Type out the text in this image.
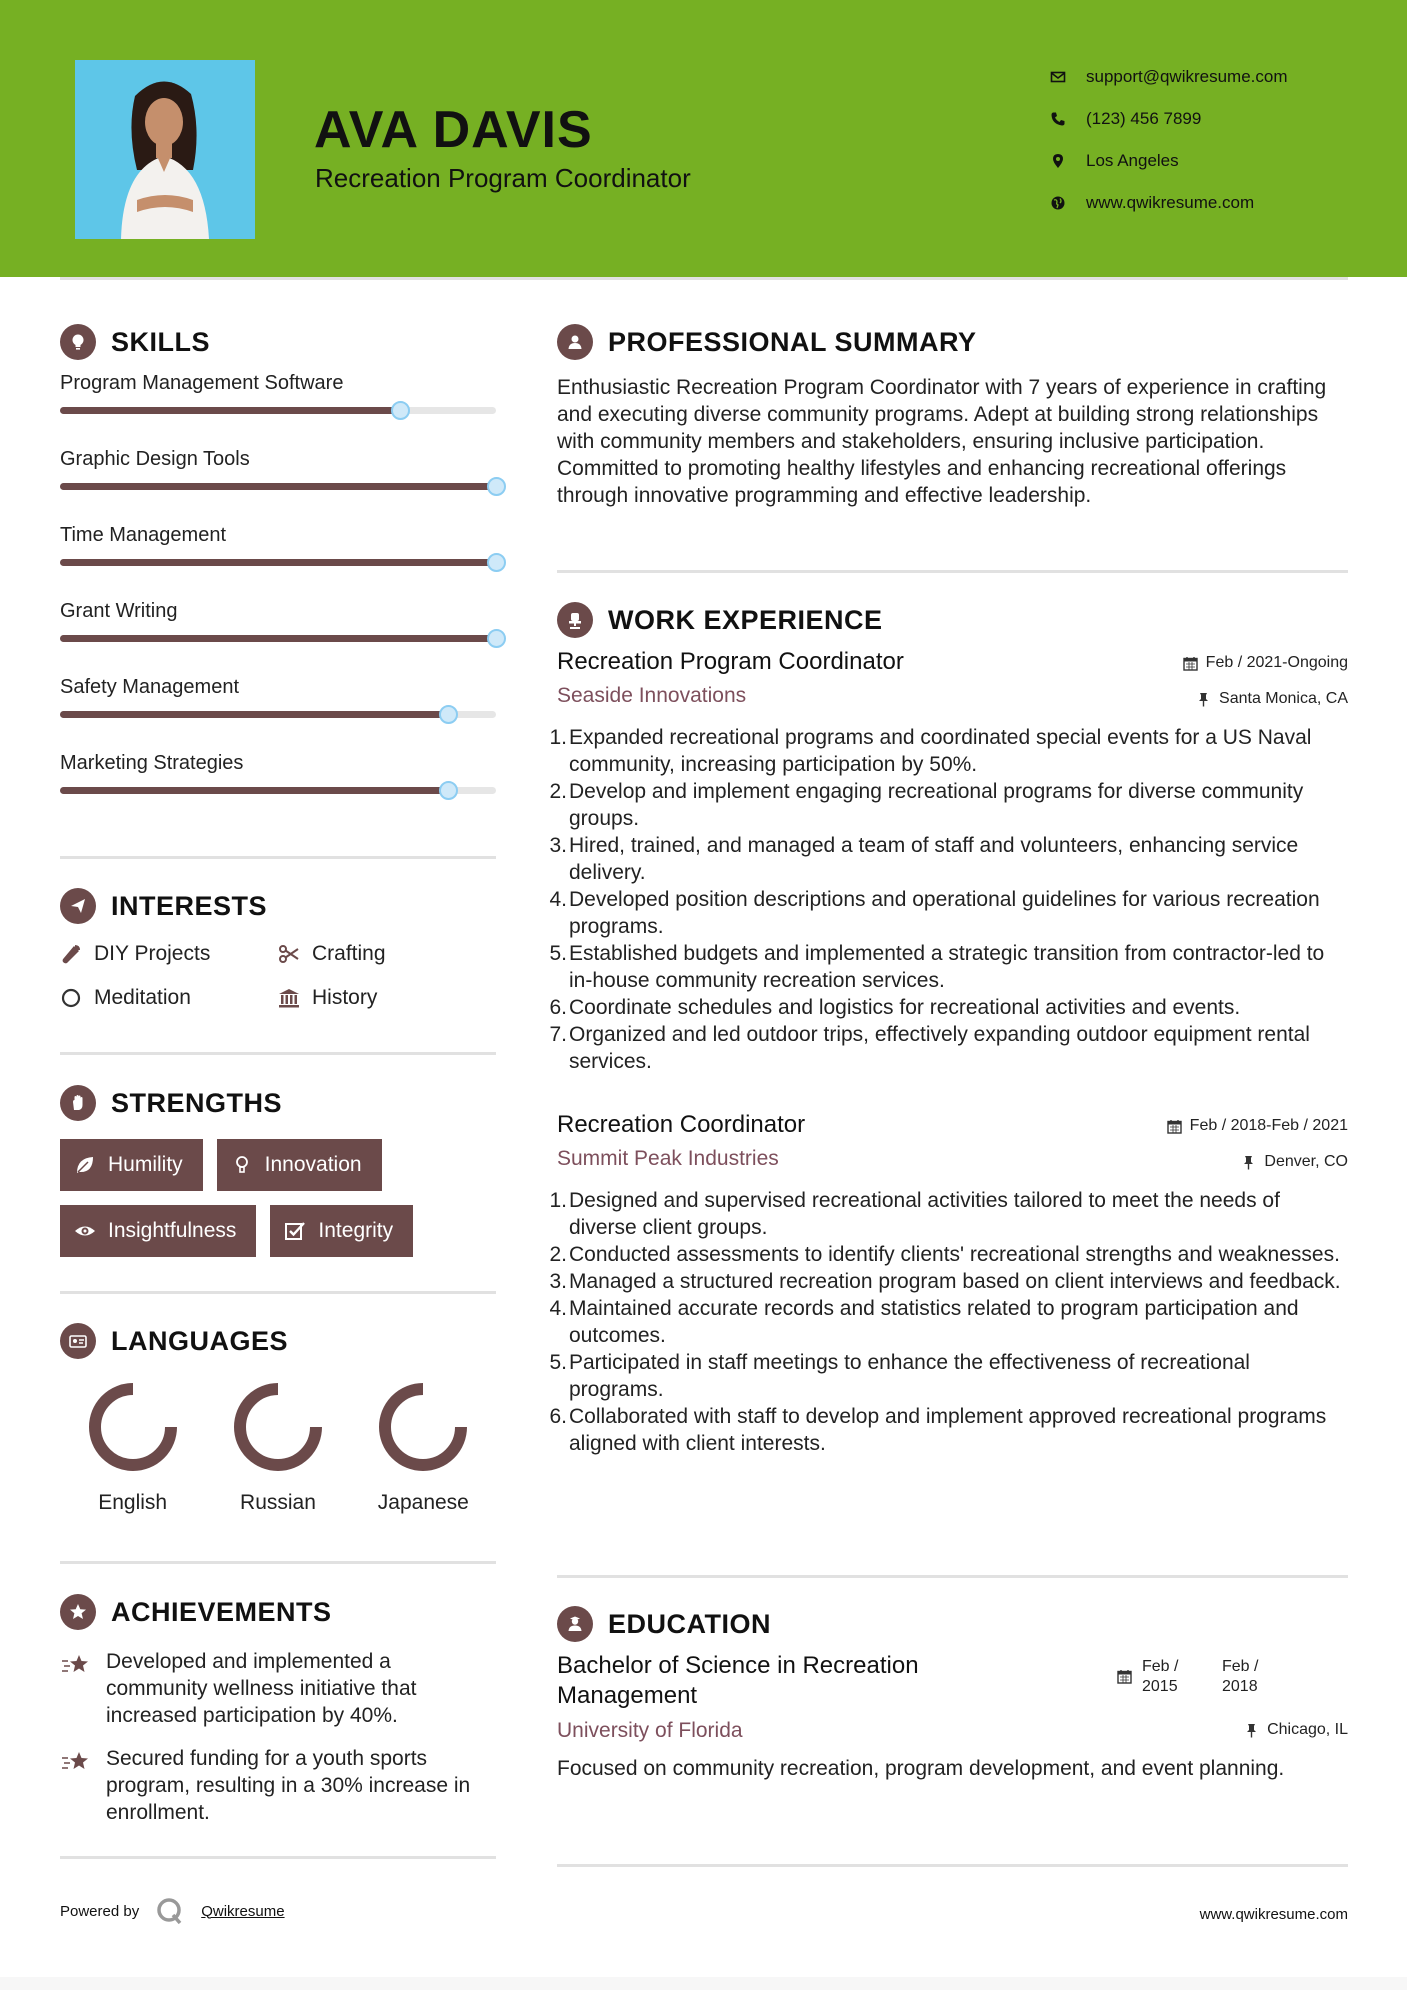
AVA DAVIS
Recreation Program Coordinator
support@qwikresume.com
(123) 456 7899
Los Angeles
www.qwikresume.com
SKILLS
Program Management Software
Graphic Design Tools
Time Management
Grant Writing
Safety Management
Marketing Strategies
INTERESTS
DIY Projects	Crafting
Meditation	History
STRENGTHS
Humility	Innovation
Insightfulness	Integrity
LANGUAGES
English	Russian	Japanese
ACHIEVEMENTS
Developed and implemented a community wellness initiative that increased participation by 40%.
Secured funding for a youth sports program, resulting in a 30% increase in enrollment.
PROFESSIONAL SUMMARY
Enthusiastic Recreation Program Coordinator with 7 years of experience in crafting and executing diverse community programs. Adept at building strong relationships with community members and stakeholders, ensuring inclusive participation. Committed to promoting healthy lifestyles and enhancing recreational offerings through innovative programming and effective leadership.
WORK EXPERIENCE
Recreation Program Coordinator	Feb / 2021-Ongoing
Seaside Innovations	Santa Monica, CA
1. Expanded recreational programs and coordinated special events for a US Naval community, increasing participation by 50%.
2. Develop and implement engaging recreational programs for diverse community groups.
3. Hired, trained, and managed a team of staff and volunteers, enhancing service delivery.
4. Developed position descriptions and operational guidelines for various recreation programs.
5. Established budgets and implemented a strategic transition from contractor-led to in-house community recreation services.
6. Coordinate schedules and logistics for recreational activities and events.
7. Organized and led outdoor trips, effectively expanding outdoor equipment rental services.
Recreation Coordinator	Feb / 2018-Feb / 2021
Summit Peak Industries	Denver, CO
1. Designed and supervised recreational activities tailored to meet the needs of diverse client groups.
2. Conducted assessments to identify clients' recreational strengths and weaknesses.
3. Managed a structured recreation program based on client interviews and feedback.
4. Maintained accurate records and statistics related to program participation and outcomes.
5. Participated in staff meetings to enhance the effectiveness of recreational programs.
6. Collaborated with staff to develop and implement approved recreational programs aligned with client interests.
EDUCATION
Bachelor of Science in Recreation Management
Feb /
2015
Feb /
2018
University of Florida	Chicago, IL
Focused on community recreation, program development, and event planning.
Powered by	Qwikresume	www.qwikresume.com
